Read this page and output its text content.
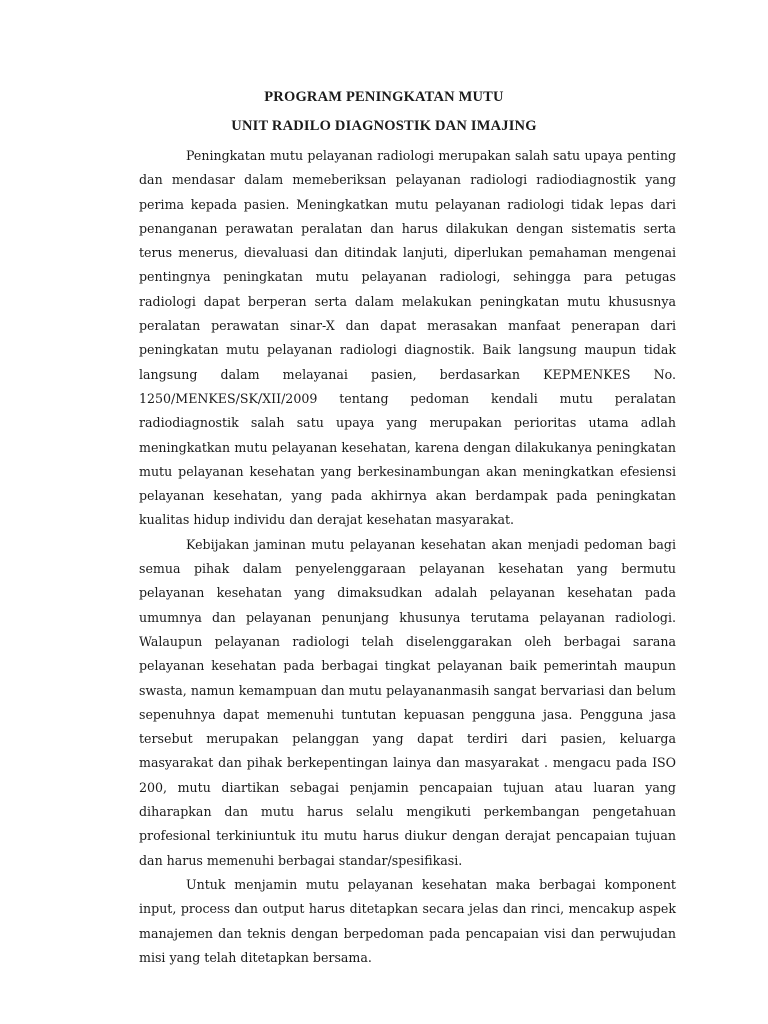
PROGRAM PENINGKATAN MUTU
UNIT RADILO DIAGNOSTIK DAN IMAJING

Peningkatan mutu pelayanan radiologi merupakan salah satu upaya penting dan mendasar dalam memeberiksan pelayanan radiologi radiodiagnostik yang perima kepada pasien. Meningkatkan mutu pelayanan radiologi tidak lepas dari penanganan perawatan peralatan dan harus dilakukan dengan sistematis serta terus menerus, dievaluasi dan ditindak lanjuti, diperlukan pemahaman mengenai pentingnya peningkatan mutu pelayanan radiologi, sehingga para petugas radiologi dapat berperan serta dalam melakukan peningkatan mutu khususnya peralatan perawatan sinar-X dan dapat merasakan manfaat penerapan dari peningkatan mutu pelayanan radiologi diagnostik. Baik langsung maupun tidak langsung dalam melayanai pasien, berdasarkan KEPMENKES No. 1250/MENKES/SK/XII/2009 tentang pedoman kendali mutu peralatan radiodiagnostik salah satu upaya yang merupakan perioritas utama adlah meningkatkan mutu pelayanan kesehatan, karena dengan dilakukanya peningkatan mutu pelayanan kesehatan yang berkesinambungan akan meningkatkan efesiensi pelayanan kesehatan, yang pada akhirnya akan berdampak pada peningkatan kualitas hidup individu dan derajat kesehatan masyarakat.

Kebijakan jaminan mutu pelayanan kesehatan akan menjadi pedoman bagi semua pihak dalam penyelenggaraan pelayanan kesehatan yang bermutu pelayanan kesehatan yang dimaksudkan adalah pelayanan kesehatan pada umumnya dan pelayanan penunjang khusunya terutama pelayanan radiologi. Walaupun pelayanan radiologi telah diselenggarakan oleh berbagai sarana pelayanan kesehatan pada berbagai tingkat pelayanan baik pemerintah maupun swasta, namun kemampuan dan mutu pelayananmasih sangat bervariasi dan belum sepenuhnya dapat memenuhi tuntutan kepuasan pengguna jasa. Pengguna jasa tersebut merupakan pelanggan yang dapat terdiri dari pasien, keluarga masyarakat dan pihak berkepentingan lainya dan masyarakat . mengacu pada ISO 200, mutu diartikan sebagai penjamin pencapaian tujuan atau luaran yang diharapkan dan mutu harus selalu mengikuti perkembangan pengetahuan profesional terkiniuntuk itu mutu harus diukur dengan derajat pencapaian tujuan dan harus memenuhi berbagai standar/spesifikasi.

Untuk menjamin mutu pelayanan kesehatan maka berbagai komponent input, process dan output harus ditetapkan secara jelas dan rinci, mencakup aspek manajemen dan teknis dengan berpedoman pada pencapaian visi dan perwujudan misi yang telah ditetapkan bersama.
